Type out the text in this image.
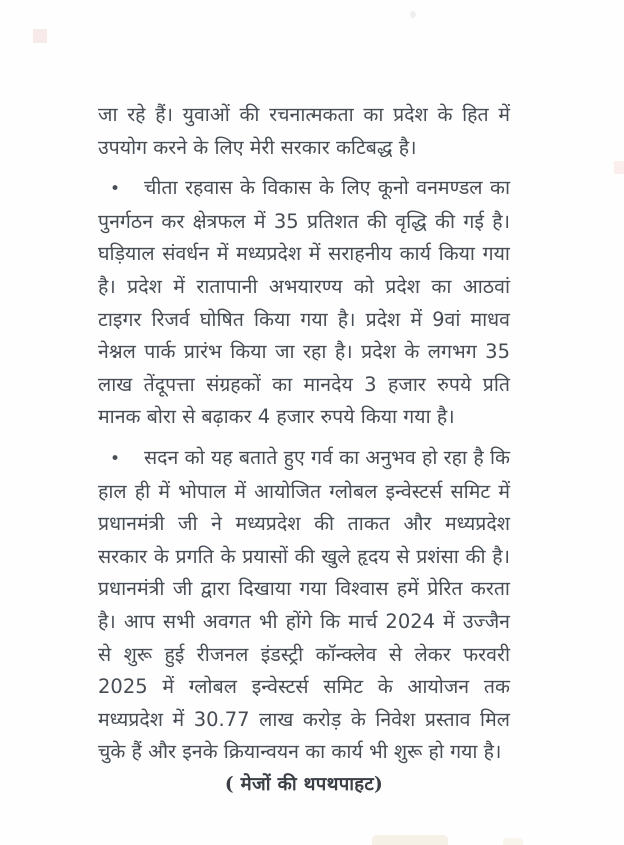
जा रहे हैं। युवाओं की रचनात्मकता का प्रदेश के हित में उपयोग करने के लिए मेरी सरकार कटिबद्ध है।

• चीता रहवास के विकास के लिए कूनो वनमण्डल का पुनर्गठन कर क्षेत्रफल में 35 प्रतिशत की वृद्धि की गई है। घड़ियाल संवर्धन में मध्यप्रदेश में सराहनीय कार्य किया गया है। प्रदेश में रातापानी अभयारण्य को प्रदेश का आठवां टाइगर रिजर्व घोषित किया गया है। प्रदेश में 9वां माधव नेश्नल पार्क प्रारंभ किया जा रहा है। प्रदेश के लगभग 35 लाख तेंदूपत्ता संग्रहकों का मानदेय 3 हजार रुपये प्रति मानक बोरा से बढ़ाकर 4 हजार रुपये किया गया है।

• सदन को यह बताते हुए गर्व का अनुभव हो रहा है कि हाल ही में भोपाल में आयोजित ग्लोबल इन्वेस्टर्स समिट में प्रधानमंत्री जी ने मध्यप्रदेश की ताकत और मध्यप्रदेश सरकार के प्रगति के प्रयासों की खुले हृदय से प्रशंसा की है। प्रधानमंत्री जी द्वारा दिखाया गया विश्वास हमें प्रेरित करता है। आप सभी अवगत भी होंगे कि मार्च 2024 में उज्जैन से शुरू हुई रीजनल इंडस्ट्री कॉन्क्लेव से लेकर फरवरी 2025 में ग्लोबल इन्वेस्टर्स समिट के आयोजन तक मध्यप्रदेश में 30.77 लाख करोड़ के निवेश प्रस्ताव मिल चुके हैं और इनके क्रियान्वयन का कार्य भी शुरू हो गया है।

( मेजों की थपथपाहट)
